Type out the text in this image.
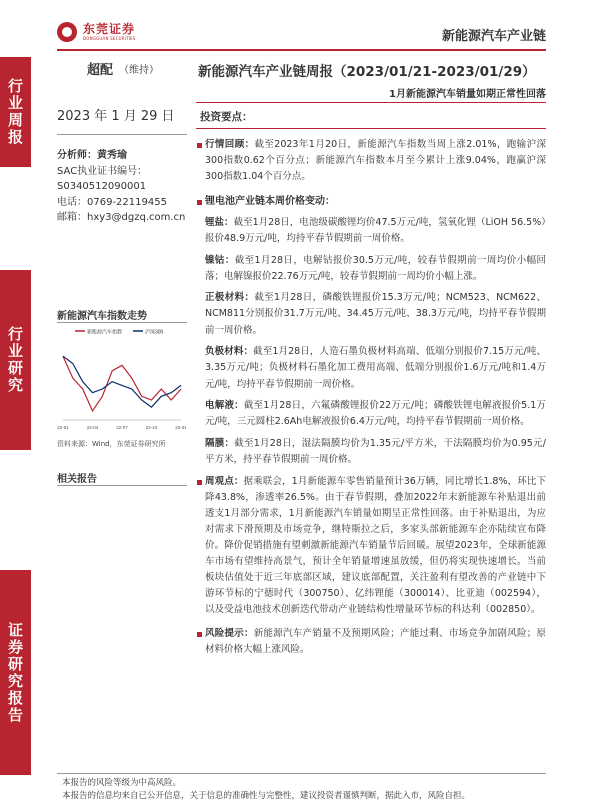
东莞证券
DONGGUAN SECURITIES	新能源汽车产业链
行业周报
行业研究
证券研究报告
超配 （维持）	新能源汽车产业链周报（2023/01/21-2023/01/29）
1月新能源汽车销量如期正常性回落
2023 年 1 月 29 日
分析师：黄秀瑜
SAC执业证书编号：
S0340512090001
电话：0769-22119455
邮箱：hxy3@dgzq.com.cn
新能源汽车指数走势
新能源汽车指数	沪深300
22-01	22-04	22-07	22-10	23-01
资料来源：Wind，东莞证券研究所
相关报告
投资要点：
行情回顾：截至2023年1月20日，新能源汽车指数当周上涨2.01%，跑输沪深300指数0.62个百分点；新能源汽车指数本月至今累计上涨9.04%，跑赢沪深300指数1.04个百分点。
锂电池产业链本周价格变动：
锂盐：截至1月28日，电池级碳酸锂均价47.5万元/吨，氢氧化锂（LiOH 56.5%）报价48.9万元/吨，均持平春节假期前一周价格。
镍钴：截至1月28日，电解钴报价30.5万元/吨，较春节假期前一周均价小幅回落；电解镍报价22.76万元/吨，较春节假期前一周均价小幅上涨。
正极材料：截至1月28日，磷酸铁锂报价15.3万元/吨；NCM523、NCM622、NCM811分别报价31.7万元/吨、34.45万元/吨、38.3万元/吨，均持平春节假期前一周价格。
负极材料：截至1月28日，人造石墨负极材料高端、低端分别报价7.15万元/吨、3.35万元/吨；负极材料石墨化加工费用高端、低端分别报价1.6万元/吨和1.4万元/吨，均持平春节假期前一周价格。
电解液：截至1月28日，六氟磷酸锂报价22万元/吨；磷酸铁锂电解液报价5.1万元/吨，三元圆柱2.6Ah电解液报价6.4万元/吨，均持平春节假期前一周价格。
隔膜：截至1月28日，湿法隔膜均价为1.35元/平方米，干法隔膜均价为0.95元/平方米，持平春节假期前一周价格。
周观点：据乘联会，1月新能源车零售销量预计36万辆，同比增长1.8%，环比下降43.8%，渗透率26.5%。由于春节假期，叠加2022年末新能源车补贴退出前透支1月部分需求，1月新能源汽车销量如期呈正常性回落。由于补贴退出，为应对需求下滑预期及市场竞争，继特斯拉之后，多家头部新能源车企亦陆续宣布降价。降价促销措施有望刺激新能源汽车销量节后回暖。展望2023年，全球新能源车市场有望维持高景气，预计全年销量增速虽放缓，但仍将实现快速增长。当前板块估值处于近三年底部区域，建议底部配置，关注盈利有望改善的产业链中下游环节标的宁德时代（300750）、亿纬锂能（300014）、比亚迪（002594），以及受益电池技术创新迭代带动产业链结构性增量环节标的科达利（002850）。
风险提示：新能源汽车产销量不及预期风险；产能过剩、市场竞争加剧风险；原材料价格大幅上涨风险。
本报告的风险等级为中高风险。
本报告的信息均来自已公开信息，关于信息的准确性与完整性，建议投资者谨慎判断，据此入市，风险自担。
